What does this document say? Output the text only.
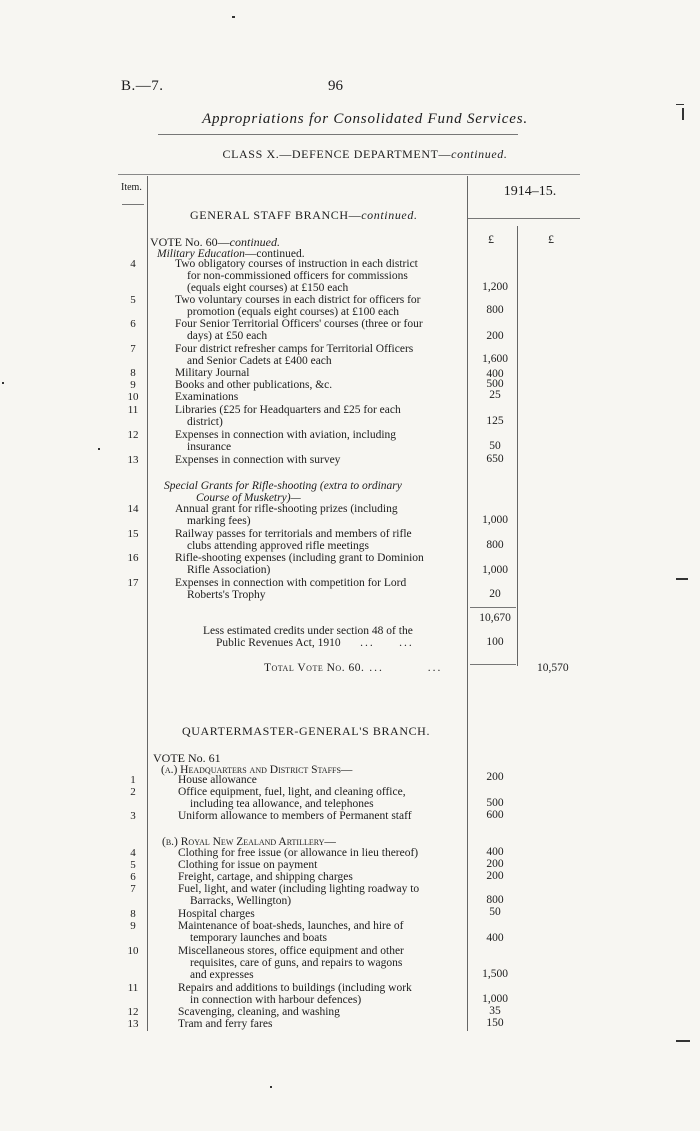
B.—7.	96
Appropriations for Consolidated Fund Services.
CLASS X.—DEFENCE DEPARTMENT—continued.
Item.	1914–15.
£	£
GENERAL STAFF BRANCH—continued.
VOTE No. 60—continued.
Military Education—continued.
4	Two obligatory courses of instruction in each district
for non-commissioned officers for commissions
(equals eight courses) at £150 each	1,200
5	Two voluntary courses in each district for officers for
promotion (equals eight courses) at £100 each	800
6	Four Senior Territorial Officers' courses (three or four
days) at £50 each	200
7	Four district refresher camps for Territorial Officers
and Senior Cadets at £400 each	1,600
8	Military Journal	400
9	Books and other publications, &c.	500
10	Examinations	25
11	Libraries (£25 for Headquarters and £25 for each
district)	125
12	Expenses in connection with aviation, including
insurance	50
13	Expenses in connection with survey	650
14	Annual grant for rifle-shooting prizes (including
marking fees)	1,000
15	Railway passes for territorials and members of rifle
clubs attending approved rifle meetings	800
16	Rifle-shooting expenses (including grant to Dominion
Rifle Association)	1,000
17	Expenses in connection with competition for Lord
Roberts's Trophy	20
Special Grants for Rifle-shooting (extra to ordinary
Course of Musketry)—
10,670
Less estimated credits under section 48 of the
Public Revenues Act, 1910    ...     ...	100
Total Vote No. 60. ...         ...	10,570
QUARTERMASTER-GENERAL'S BRANCH.
VOTE No. 61
(a.) Headquarters and District Staffs—
(b.) Royal New Zealand Artillery—
1	House allowance	200
2	Office equipment, fuel, light, and cleaning office,
including tea allowance, and telephones	500
3	Uniform allowance to members of Permanent staff	600
4	Clothing for free issue (or allowance in lieu thereof)	400
5	Clothing for issue on payment	200
6	Freight, cartage, and shipping charges	200
7	Fuel, light, and water (including lighting roadway to
Barracks, Wellington)	800
8	Hospital charges	50
9	Maintenance of boat-sheds, launches, and hire of
temporary launches and boats	400
10	Miscellaneous stores, office equipment and other
requisites, care of guns, and repairs to wagons
and expresses	1,500
11	Repairs and additions to buildings (including work
in connection with harbour defences)	1,000
12	Scavenging, cleaning, and washing	35
13	Tram and ferry fares	150
